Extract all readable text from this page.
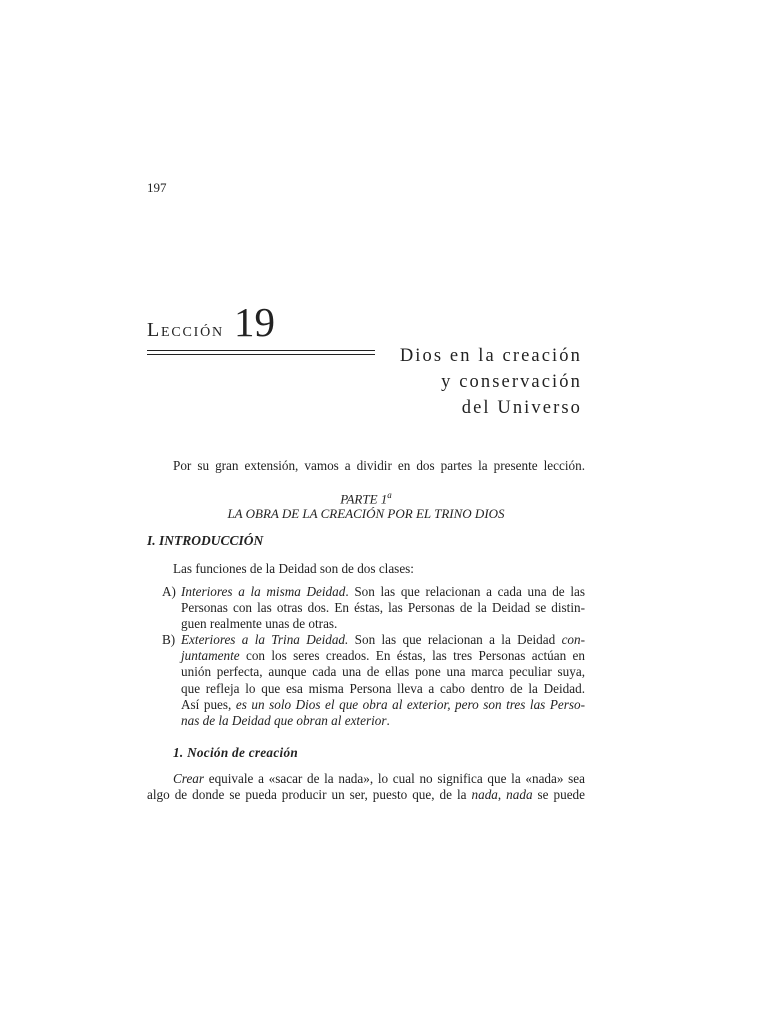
197
Lección 19
Dios en la creación
y conservación
del Universo
Por su gran extensión, vamos a dividir en dos partes la presente lección.
PARTE 1$^a$
LA OBRA DE LA CREACIÓN POR EL TRINO DIOS
I. INTRODUCCIÓN
Las funciones de la Deidad son de dos clases:
A) Interiores a la misma Deidad. Son las que relacionan a cada una de las
Personas con las otras dos. En éstas, las Personas de la Deidad se distin-
guen realmente unas de otras.
B) Exteriores a la Trina Deidad. Son las que relacionan a la Deidad con-
juntamente con los seres creados. En éstas, las tres Personas actúan en
unión perfecta, aunque cada una de ellas pone una marca peculiar suya,
que refleja lo que esa misma Persona lleva a cabo dentro de la Deidad.
Así pues, es un solo Dios el que obra al exterior, pero son tres las Perso-
nas de la Deidad que obran al exterior.
1. Noción de creación
Crear equivale a «sacar de la nada», lo cual no significa que la «nada» sea
algo de donde se pueda producir un ser, puesto que, de la nada, nada se puede
